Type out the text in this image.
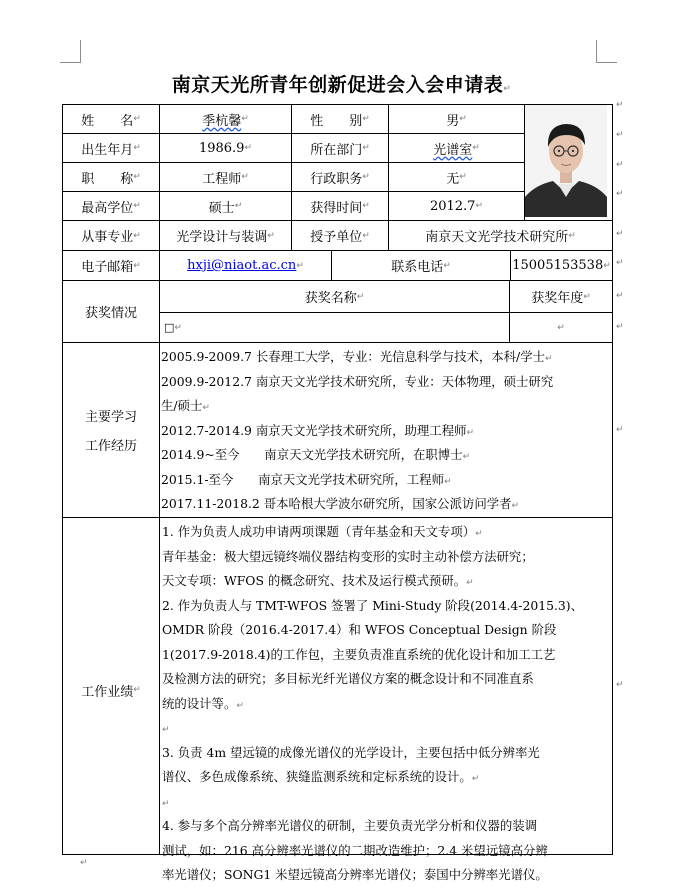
南京天光所青年创新促进会入会申请表↵
姓　　名 ↵	季杭馨 ↵	性　　别 ↵	男 ↵
出生年月 ↵	1986.9 ↵	所在部门 ↵	光谱室 ↵
职　　称 ↵	工程师 ↵	行政职务 ↵	无 ↵
最高学位 ↵	硕士 ↵	获得时间 ↵	2012.7 ↵
从事专业 ↵	光学设计与装调 ↵	授予单位 ↵	南京天文光学技术研究所 ↵
电子邮箱 ↵	hxji@niaot.ac.cn ↵	联系电话 ↵	15005153538 ↵
获奖情况
获奖名称 ↵	获奖年度 ↵
□ ↵	↵
主要学习
工作经历
2005.9-2009.7 长春理工大学，专业：光信息科学与技术，本科/学士↵
2009.9-2012.7 南京天文光学技术研究所，专业：天体物理，硕士研究
生/硕士↵
2012.7-2014.9 南京天文光学技术研究所，助理工程师↵
2014.9~至今　　南京天文光学技术研究所，在职博士↵
2015.1-至今　　南京天文光学技术研究所，工程师↵
2017.11-2018.2 哥本哈根大学波尔研究所，国家公派访问学者↵
工作业绩 ↵
1. 作为负责人成功申请两项课题（青年基金和天文专项）↵
青年基金：极大望远镜终端仪器结构变形的实时主动补偿方法研究；
天文专项：WFOS 的概念研究、技术及运行模式预研。↵
2. 作为负责人与 TMT-WFOS 签署了 Mini-Study 阶段(2014.4-2015.3)、
OMDR 阶段（2016.4-2017.4）和 WFOS Conceptual Design 阶段
1(2017.9-2018.4)的工作包，主要负责准直系统的优化设计和加工工艺
及检测方法的研究；多目标光纤光谱仪方案的概念设计和不同准直系
统的设计等。↵
↵
3. 负责 4m 望远镜的成像光谱仪的光学设计，主要包括中低分辨率光
谱仪、多色成像系统、狭缝监测系统和定标系统的设计。↵
↵
4. 参与多个高分辨率光谱仪的研制，主要负责光学分析和仪器的装调
测试，如：216 高分辨率光谱仪的二期改造维护；2.4 米望远镜高分辨
率光谱仪；SONG1 米望远镜高分辨率光谱仪；泰国中分辨率光谱仪。
↵
↵
↵
↵
↵
↵
↵
↵
↵
↵
↵
